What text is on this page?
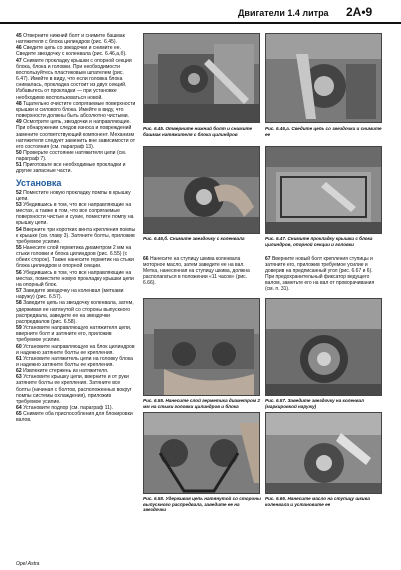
Двигатели 1.4 литра 2A•9

45 Отверните нижний болт и снимите башмак натяжителя с блока цилиндров (рис. 6.45).

46 Сведите цепь со звездочки и снимите ее. Сведите звездочку с коленвала (рис. 6.46,а,б).

47 Снимите прокладку крышки с опорной секции блока, блока и головки. При необходимости воспользуйтесь пластиковым шпателем (рис. 6.47). Имейте в виду, что если головка блока снималась, прокладка состоит из двух секций. Избавьтесь от прокладки — при установке необходимо воспользоваться новой.

48 Тщательно очистите сопрягаемые поверхности крышки и силового блока. Имейте в виду, что поверхности должны быть абсолютно чистыми.

49 Осмотрите цепь, звездочки и направляющие. При обнаружении следов износа и повреждений замените соответствующий компонент. Механизм натяжителя следует заменить вне зависимости от его состояния (см. параграф 13).

50 Проверьте состояние натяжителя цепи (см. параграф 7).

51 Приготовьте все необходимые прокладки и другие запасные части.

Установка

52 Поместите новую прокладку помпы в крышку цепи.

53 Убедившись в том, что все направляющие на местах, а также в том, что все сопрягаемые поверхности чистые и сухие, поместите помпу на крышку цепи.

54 Вверните три коротких винта крепления помпы к крышке (см. главу 3). Затяните болты, приложив требуемое усилие.

55 Нанесите слой герметика диаметром 2 мм на стыки головки и блока цилиндров (рис. 6.55) (с обеих сторон). Также нанесите герметик на стыки блока цилиндров и опорной секции.

56 Убедившись в том, что все направляющие на местах, поместите новую прокладку крышки цепи на опорный блок.

57 Заведите звездочку на коленвал (метками наружу) (рис. 6.57).

58 Заведите цепь на звездочку коленвала, затем, удерживая ее натянутой со стороны выпускного распредвала, заведите ее на звездочки распредвалов (рис. 6.58).

59 Установите направляющую натяжителя цепи, вверните болт и затяните его, приложив требуемое усилие.

60 Установите направляющую на блок цилиндров и надежно затяните болты ее крепления.

61 Установите натяжитель цепи на головку блока и надежно затяните болты ее крепления.

62 Извлеките стержень из натяжителя.

63 Установите крышку цепи, вверните и от руки затяните болты ее крепления. Затяните все болты (начиная с болтов, расположенных вокруг помпы системы охлаждения), приложив требуемое усилие.

64 Установите подпор (см. параграф 11).

65 Снимите оба приспособления для блокировки валов.

Рис. 6.45. Отверните нижний болт и снимите башмак натяжителя с блока цилиндров
Рис. 6.46,а. Сведите цепь со звездочки и снимите ее
Рис. 6.46,б. Снимите звездочку с коленвала	Рис. 6.47. Снимите прокладку крышки с блока цилиндров, опорной секции и головки
66 Нанесите на ступицу шкива коленвала моторное масло, затем заведите ее на вал. Метка, нанесенная на ступицу шкива, должна располагаться в положении «11 часов» (рис. 6.66).
67 Вверните новый болт крепления ступицы и затяните его, приложив требуемое усилие и доверив на предписанный угол (рис. 6.67 и 6). При предохранительный фиксатор ведущего валом, заметьте его на вал от проворачивания (см. п. 31).
Рис. 6.55. Нанесите слой герметика диаметром 2 мм на стыки головки цилиндров и блока
Рис. 6.57. Заведите звездочку на коленвал (маркировкой наружу)
Рис. 6.58. Удерживая цепь натянутой со стороны выпускного распредвала, заведите ее на звездочки
Рис. 6.66. Нанесите масло на ступицу шкива коленвала и установите ее
Opel Astra
